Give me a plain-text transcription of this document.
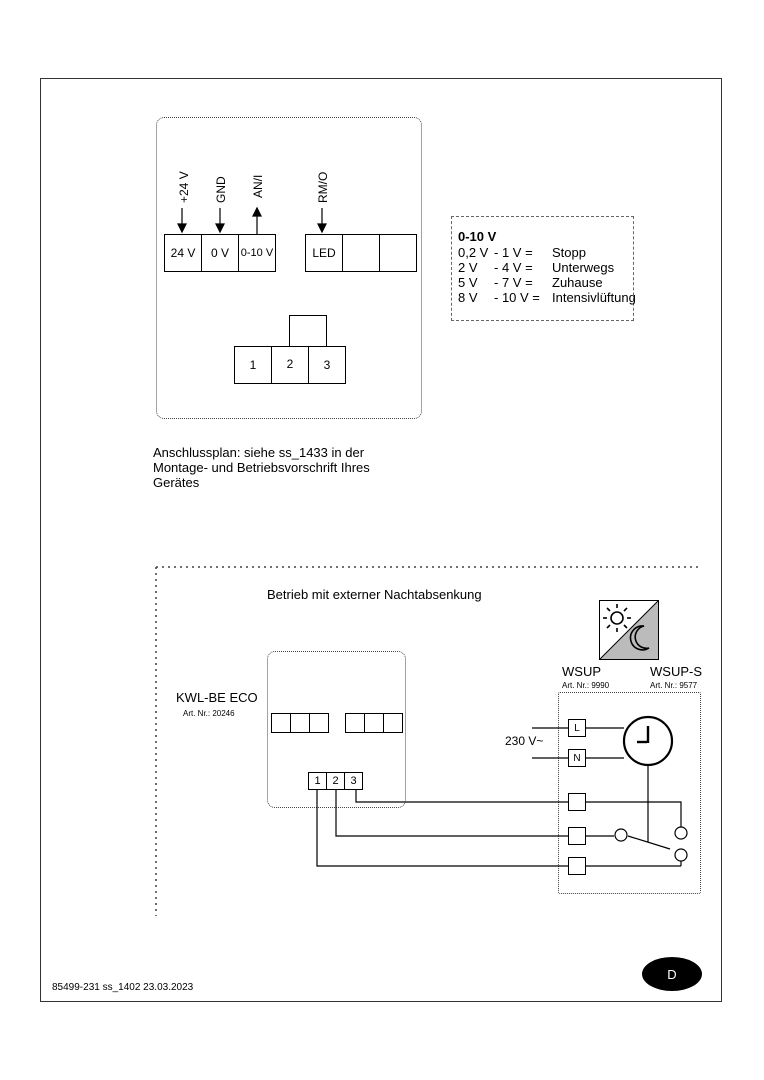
+24 V GND AN/I	RM/O
24 V	0 V	0-10 V	LED
1	2	3
0-10 V
0,2 V - 1 V = Stopp
2 V - 4 V = Unterwegs
5 V - 7 V = Zuhause
8 V - 10 V = Intensivlüftung
Anschlussplan: siehe ss_1433 in der
Montage- und Betriebsvorschrift Ihres
Gerätes
Betrieb mit externer Nachtabsenkung
WSUP
Art. Nr.: 9990
WSUP-S
Art. Nr.: 9577
KWL-BE ECO
Art. Nr.: 20246
1	2	3
230 V~
L
N
85499-231 ss_1402 23.03.2023
D
